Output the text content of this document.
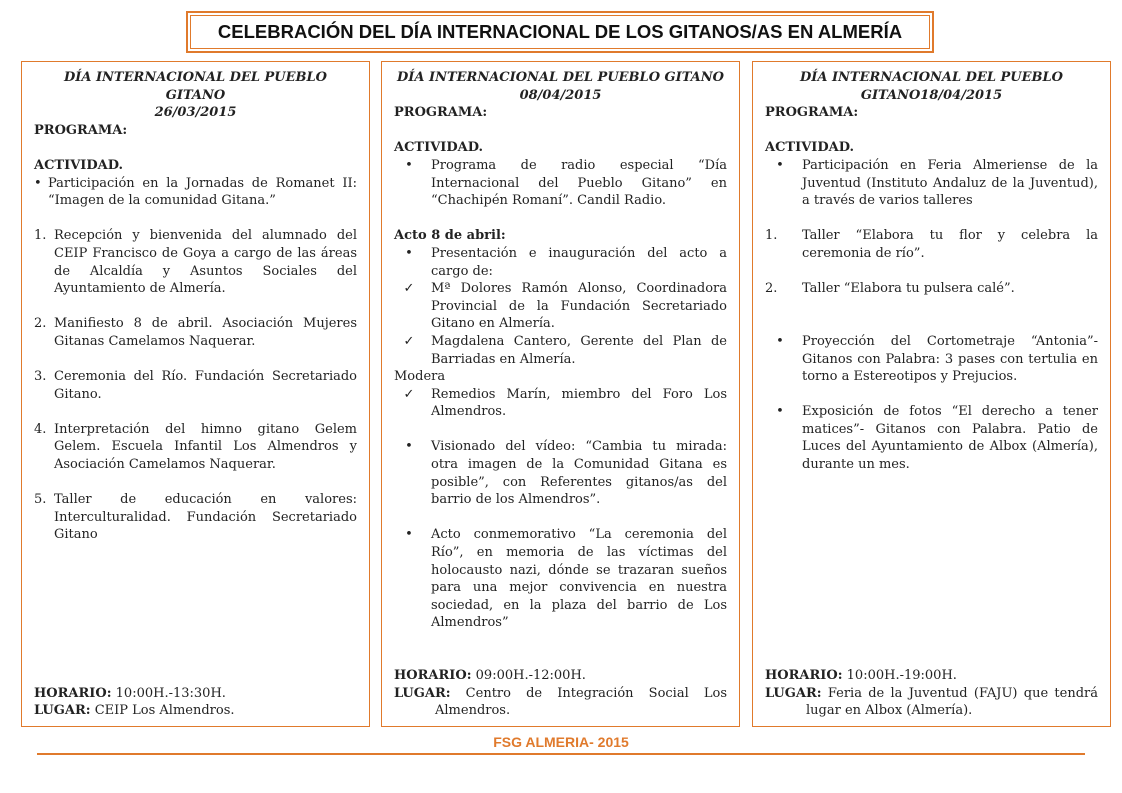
CELEBRACIÓN DEL DÍA INTERNACIONAL DE LOS GITANOS/AS EN ALMERÍA
DÍA INTERNACIONAL DEL PUEBLO GITANO
26/03/2015
PROGRAMA:
ACTIVIDAD.
• Participación en la Jornadas de Romanet II: “Imagen de la comunidad Gitana.”
1. Recepción y bienvenida del alumnado del CEIP Francisco de Goya a cargo de las áreas de Alcaldía y Asuntos Sociales del Ayuntamiento de Almería.
2. Manifiesto 8 de abril. Asociación Mujeres Gitanas Camelamos Naquerar.
3. Ceremonia del Río. Fundación Secretariado Gitano.
4. Interpretación del himno gitano Gelem Gelem. Escuela Infantil Los Almendros y Asociación Camelamos Naquerar.
5. Taller de educación en valores: Interculturalidad. Fundación Secretariado Gitano
HORARIO: 10:00H.-13:30H.
LUGAR: CEIP Los Almendros.
DÍA INTERNACIONAL DEL PUEBLO GITANO
08/04/2015
PROGRAMA:
ACTIVIDAD.
•	Programa de radio especial “Día Internacional del Pueblo Gitano” en “Chachipén Romaní”. Candil Radio.
Acto 8 de abril:
•	Presentación e inauguración del acto a cargo de:
✓	Mª Dolores Ramón Alonso, Coordinadora Provincial de la Fundación Secretariado Gitano en Almería.
✓	Magdalena Cantero, Gerente del Plan de Barriadas en Almería.
Modera
✓	Remedios Marín, miembro del Foro Los Almendros.
•	Visionado del vídeo: “Cambia tu mirada: otra imagen de la Comunidad Gitana es posible”, con Referentes gitanos/as del barrio de los Almendros”.
•	Acto conmemorativo “La ceremonia del Río”, en memoria de las víctimas del holocausto nazi, dónde se trazaran sueños para una mejor convivencia en nuestra sociedad, en la plaza del barrio de Los Almendros”
HORARIO: 09:00H.-12:00H.
LUGAR: Centro de Integración Social Los Almendros.
DÍA INTERNACIONAL DEL PUEBLO
GITANO18/04/2015
PROGRAMA:
ACTIVIDAD.
•	Participación en Feria Almeriense de la Juventud (Instituto Andaluz de la Juventud), a través de varios talleres
1.	Taller “Elabora tu flor y celebra la ceremonia de río”.
2.	Taller “Elabora tu pulsera calé”.
•	Proyección del Cortometraje “Antonia”- Gitanos con Palabra: 3 pases con tertulia en torno a Estereotipos y Prejucios.
•	Exposición de fotos “El derecho a tener matices”- Gitanos con Palabra. Patio de Luces del Ayuntamiento de Albox (Almería), durante un mes.
HORARIO: 10:00H.-19:00H.
LUGAR: Feria de la Juventud (FAJU) que tendrá lugar en Albox (Almería).
FSG ALMERIA- 2015
